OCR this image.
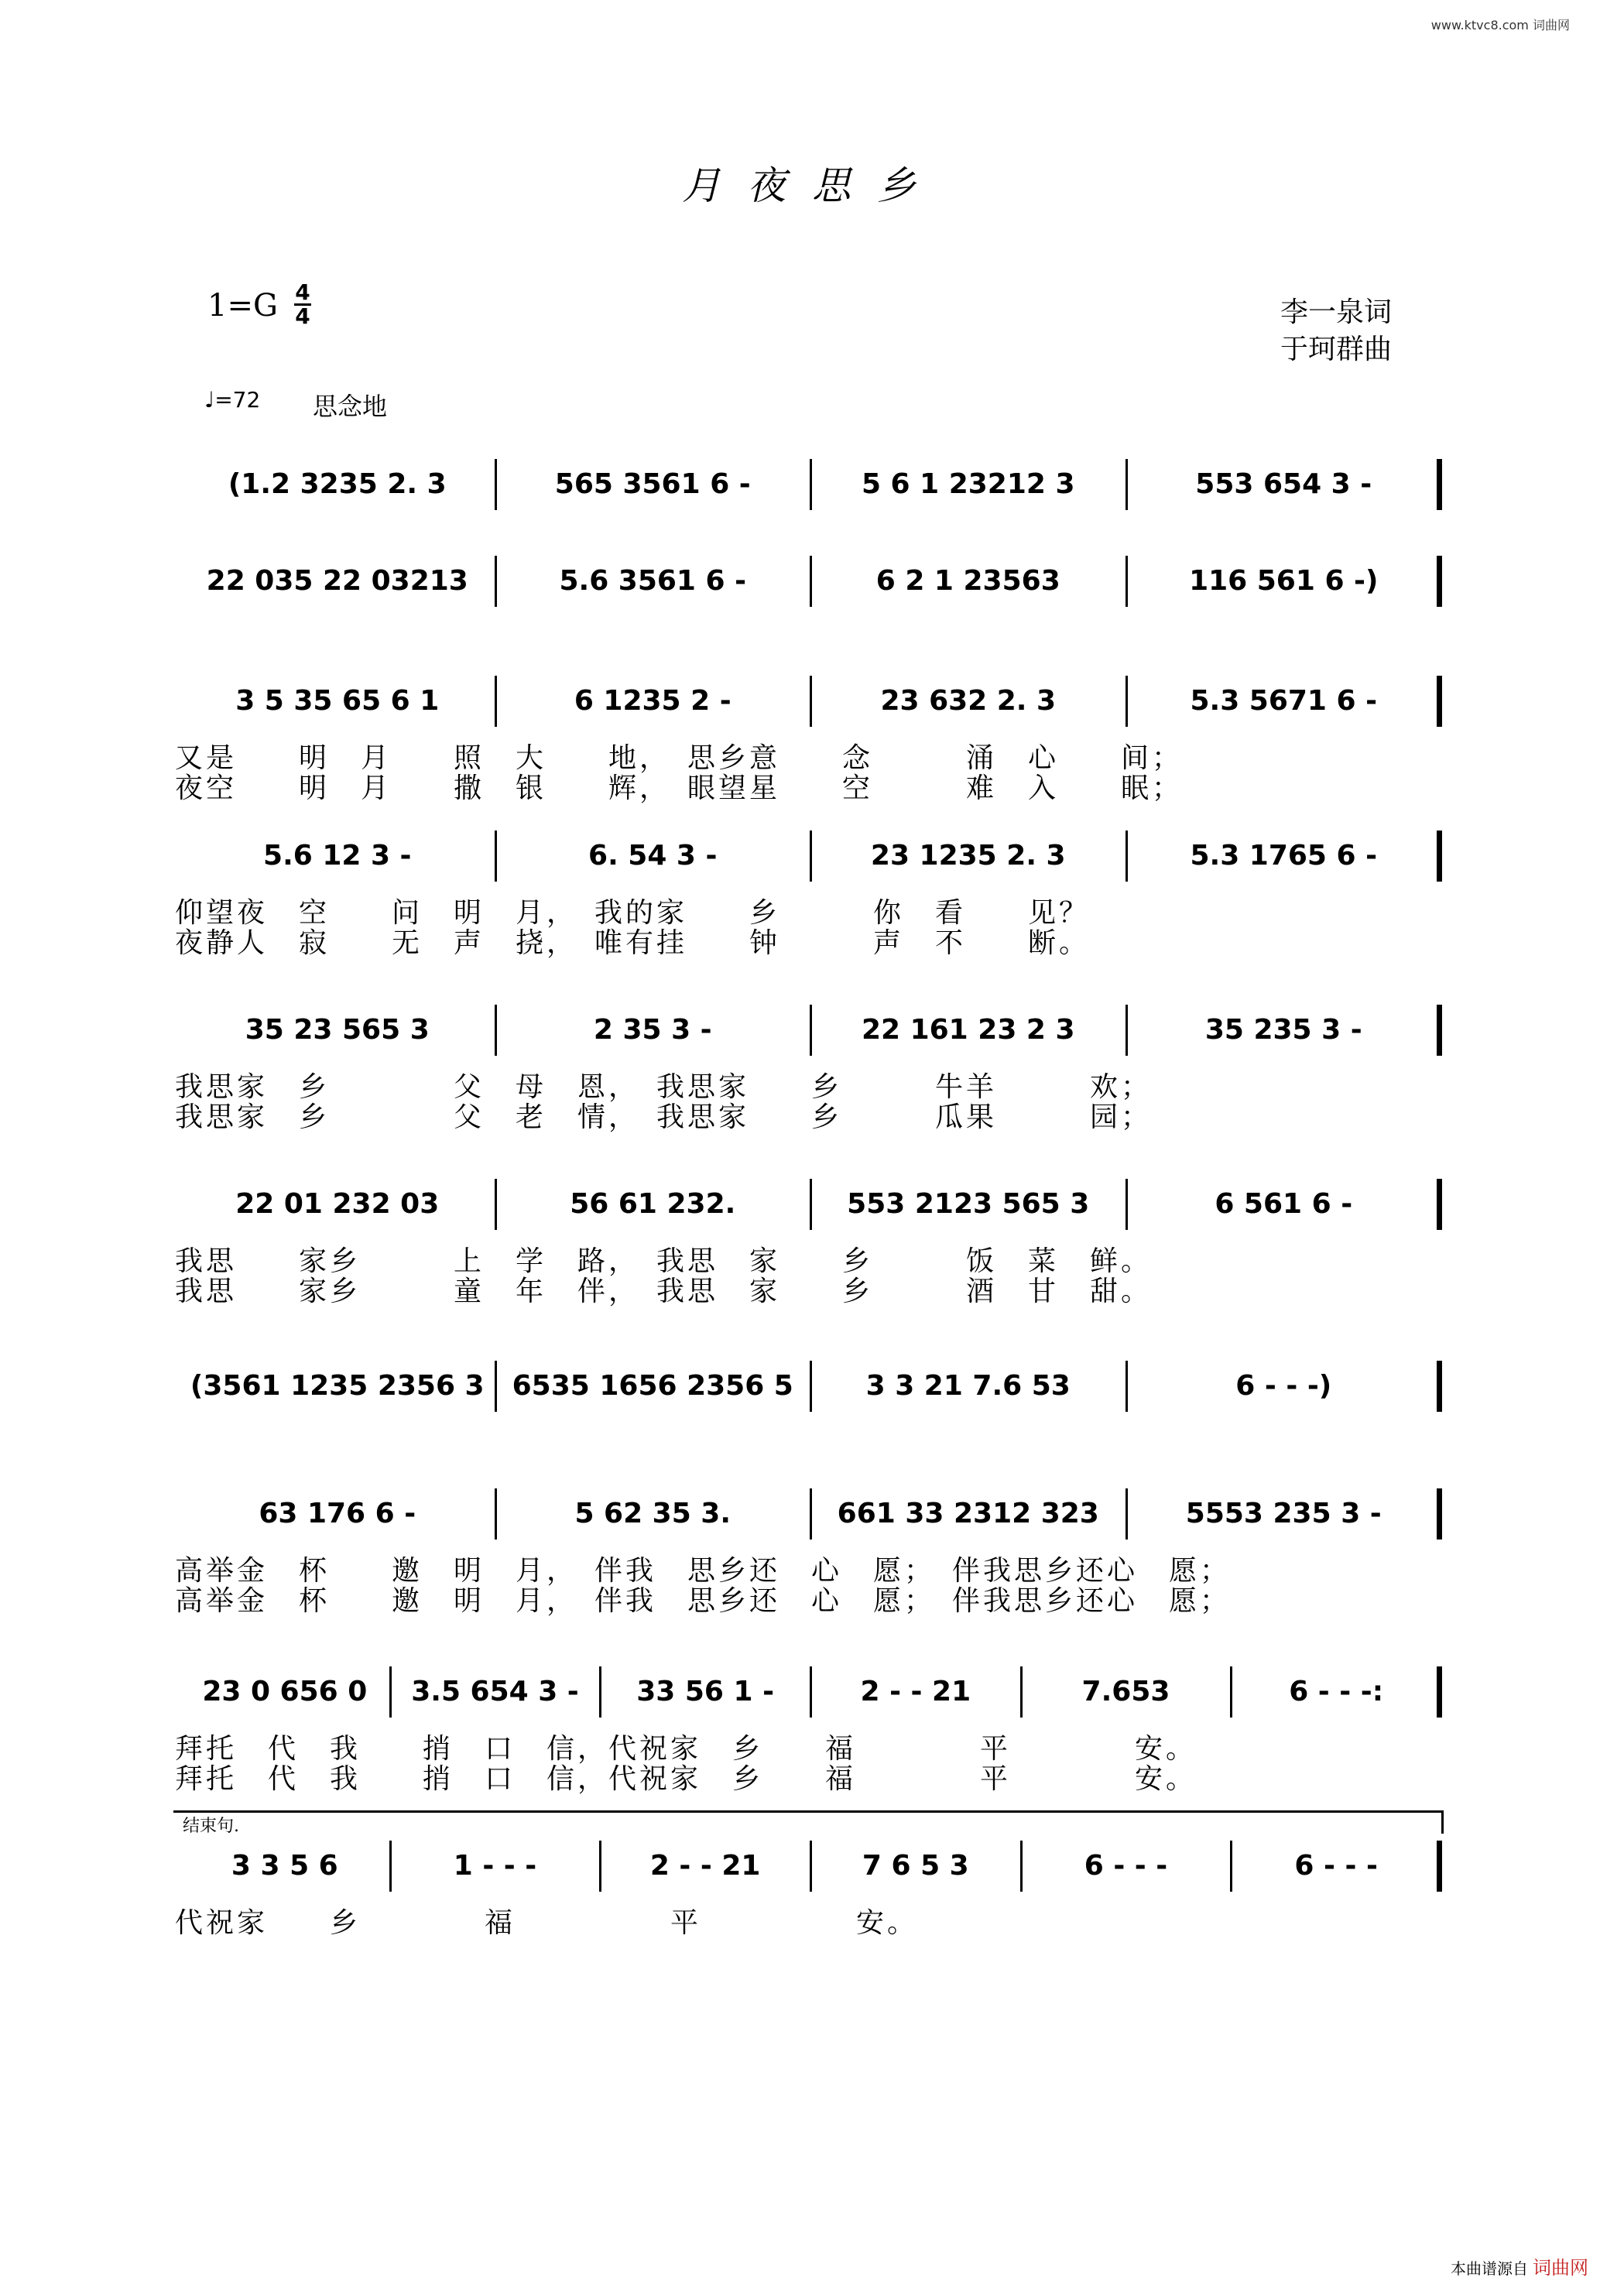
www.ktvc8.com 词曲网
月夜思乡
1=G 4
4	李一泉词
于珂群曲
♩=72 思念地
(1.2 3235 2. 3	565 3561 6 -	5 6 1 23212 3	553 654 3 -
22 035 22 03213	5.6 3561 6 -	6 2 1 23563	116 561 6 -)
3 5 35 65 6 1	6 1235 2 -	23 632 2. 3	5.3 5671 6 -
又是　　明　月　　照　大　　地，　思乡意　　念　　　涌　心　　间；
夜空　　明　月　　撒　银　　辉，　眼望星　　空　　　难　入　　眠；
5.6 12 3 -	6. 54 3 -	23 1235 2. 3	5.3 1765 6 -
仰望夜　空　　问　明　月，　我的家　　乡　　　你　看　　见？
夜静人　寂　　无　声　挠，　唯有挂　　钟　　　声　不　　断。
35 23 565 3	2 35 3 -	22 161 23 2 3	35 235 3 -
我思家　乡　　　　父　母　恩，　我思家　　乡　　　牛羊　　　欢；
我思家　乡　　　　父　老　情，　我思家　　乡　　　瓜果　　　园；
22 01 232 03	56 61 232.	553 2123 565 3	6 561 6 -
我思　　家乡　　　上　学　路，　我思　家　　乡　　　饭　菜　鲜。
我思　　家乡　　　童　年　伴，　我思　家　　乡　　　酒　甘　甜。
(3561 1235 2356 3	6535 1656 2356 5	3 3 21 7.6 53	6 - - -)
63 176 6 -	5 62 35 3.	661 33 2312 323	5553 235 3 -
高举金　杯　　邀　明　月，　伴我　思乡还　心　愿；　伴我思乡还心　愿；
高举金　杯　　邀　明　月，　伴我　思乡还　心　愿；　伴我思乡还心　愿；
23 0 656 0	3.5 654 3 -	33 56 1 -	2 - - 21	7.653	6 - - -:
拜托　代　我　　捎　口　信，代祝家　乡　　福　　　　平　　　　安。
拜托　代　我　　捎　口　信，代祝家　乡　　福　　　　平　　　　安。
3 3 5 6	1 - - -	2 - - 21	7 6 5 3	6 - - -	6 - - -
代祝家　　乡　　　　福　　　　　平　　　　　安。
结束句.
本曲谱源自 词曲网
